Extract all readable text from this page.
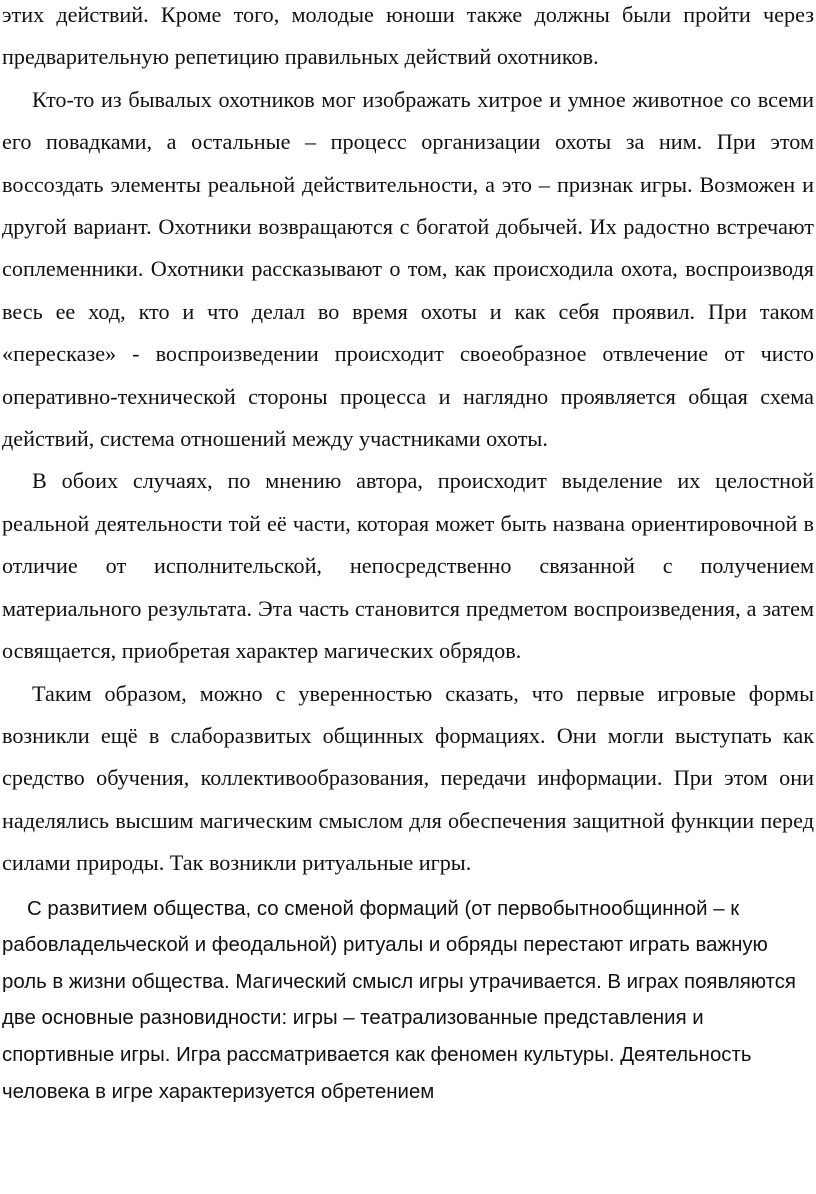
этих действий. Кроме того, молодые юноши также должны были пройти через предварительную репетицию правильных действий охотников.

Кто-то из бывалых охотников мог изображать хитрое и умное животное со всеми его повадками, а остальные – процесс организации охоты за ним. При этом воссоздать элементы реальной действительности, а это – признак игры. Возможен и другой вариант. Охотники возвращаются с богатой добычей. Их радостно встречают соплеменники. Охотники рассказывают о том, как происходила охота, воспроизводя весь ее ход, кто и что делал во время охоты и как себя проявил. При таком «пересказе» - воспроизведении происходит своеобразное отвлечение от чисто оперативно-технической стороны процесса и наглядно проявляется общая схема действий, система отношений между участниками охоты.

В обоих случаях, по мнению автора, происходит выделение их целостной реальной деятельности той её части, которая может быть названа ориентировочной в отличие от исполнительской, непосредственно связанной с получением материального результата. Эта часть становится предметом воспроизведения, а затем освящается, приобретая характер магических обрядов.

Таким образом, можно с уверенностью сказать, что первые игровые формы возникли ещё в слаборазвитых общинных формациях. Они могли выступать как средство обучения, коллективообразования, передачи информации. При этом они наделялись высшим магическим смыслом для обеспечения защитной функции перед силами природы. Так возникли ритуальные игры.

С развитием общества, со сменой формаций (от первобытнообщинной – к рабовладельческой и феодальной) ритуалы и обряды перестают играть важную роль в жизни общества. Магический смысл игры утрачивается. В играх появляются две основные разновидности: игры – театрализованные представления и спортивные игры. Игра рассматривается как феномен культуры. Деятельность человека в игре характеризуется обретением
